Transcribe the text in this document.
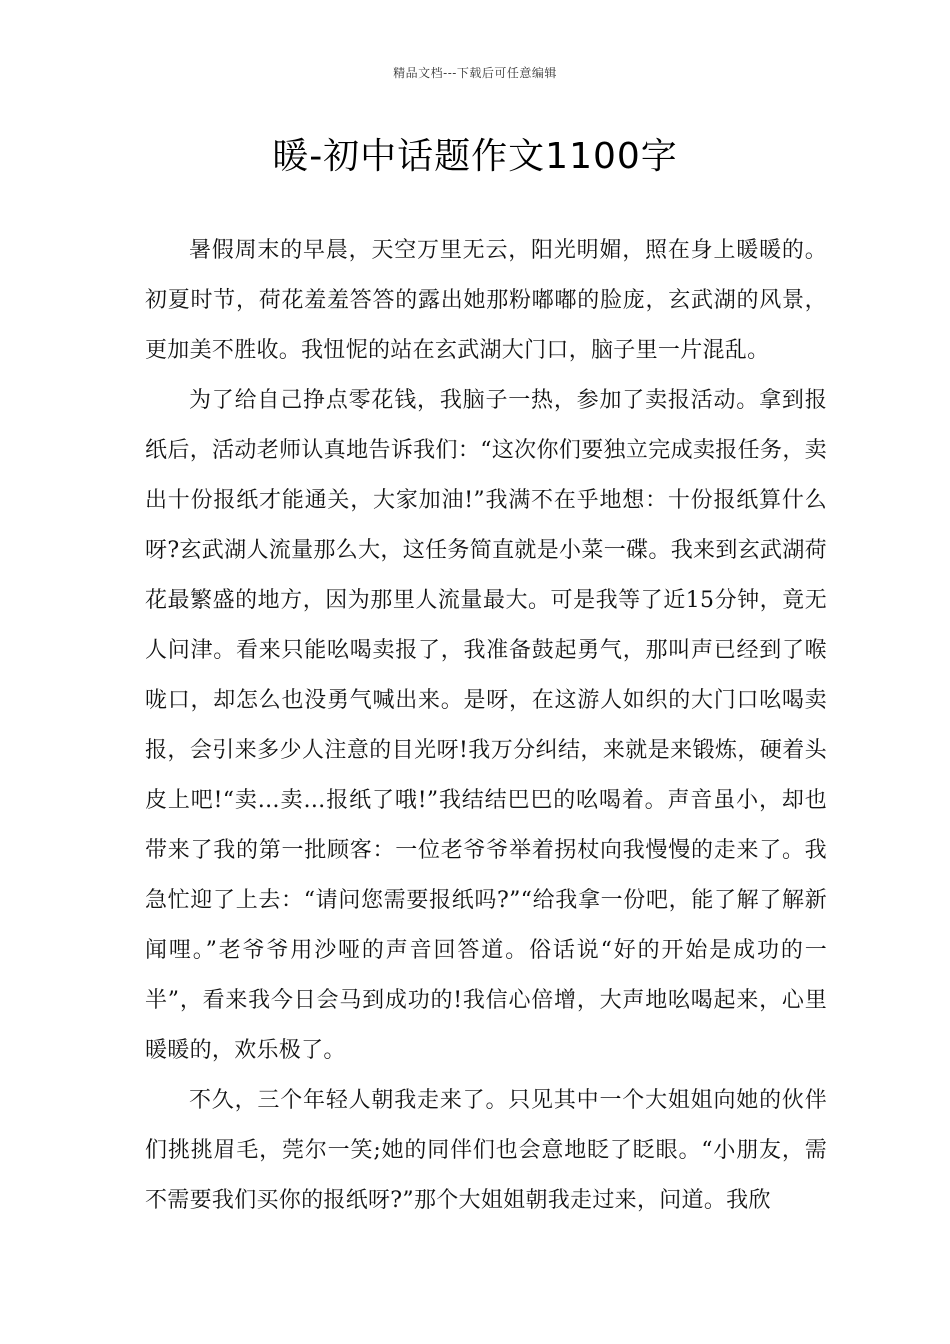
精品文档---下载后可任意编辑
暖-初中话题作文1100字

暑假周末的早晨，天空万里无云，阳光明媚，照在身上暖暖的。初夏时节，荷花羞羞答答的露出她那粉嘟嘟的脸庞，玄武湖的风景，更加美不胜收。我忸怩的站在玄武湖大门口，脑子里一片混乱。

为了给自己挣点零花钱，我脑子一热，参加了卖报活动。拿到报纸后，活动老师认真地告诉我们：“这次你们要独立完成卖报任务，卖出十份报纸才能通关，大家加油!”我满不在乎地想：十份报纸算什么呀?玄武湖人流量那么大，这任务简直就是小菜一碟。我来到玄武湖荷花最繁盛的地方，因为那里人流量最大。可是我等了近15分钟，竟无人问津。看来只能吆喝卖报了，我准备鼓起勇气，那叫声已经到了喉咙口，却怎么也没勇气喊出来。是呀，在这游人如织的大门口吆喝卖报，会引来多少人注意的目光呀!我万分纠结，来就是来锻炼，硬着头皮上吧!“卖…卖…报纸了哦!”我结结巴巴的吆喝着。声音虽小，却也带来了我的第一批顾客：一位老爷爷举着拐杖向我慢慢的走来了。我急忙迎了上去：“请问您需要报纸吗?”“给我拿一份吧，能了解了解新闻哩。”老爷爷用沙哑的声音回答道。俗话说“好的开始是成功的一半”，看来我今日会马到成功的!我信心倍增，大声地吆喝起来，心里暖暖的，欢乐极了。

不久，三个年轻人朝我走来了。只见其中一个大姐姐向她的伙伴们挑挑眉毛，莞尔一笑;她的同伴们也会意地眨了眨眼。“小朋友，需不需要我们买你的报纸呀?”那个大姐姐朝我走过来，问道。我欣
